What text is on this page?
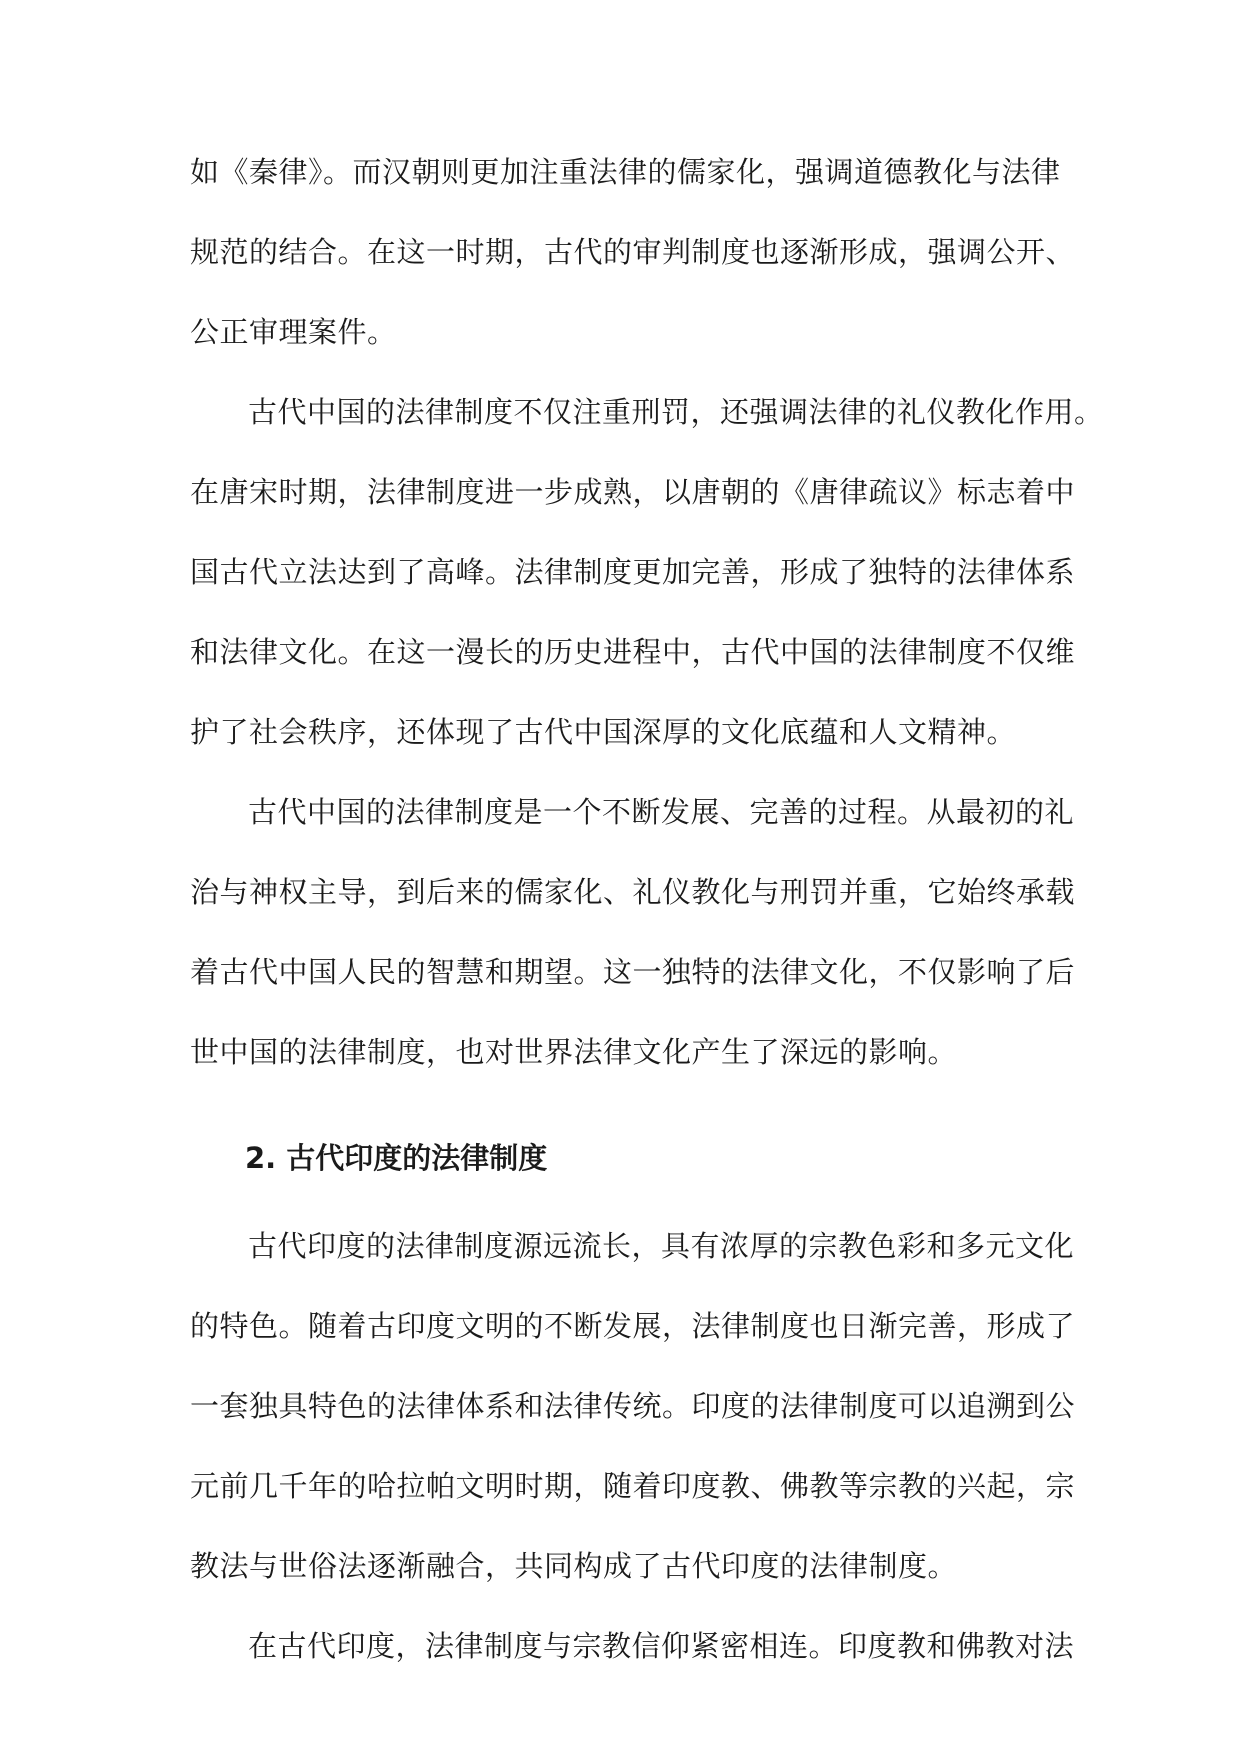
如《秦律》。而汉朝则更加注重法律的儒家化，强调道德教化与法律
规范的结合。在这一时期，古代的审判制度也逐渐形成，强调公开、
公正审理案件。
古代中国的法律制度不仅注重刑罚，还强调法律的礼仪教化作用。
在唐宋时期，法律制度进一步成熟，以唐朝的《唐律疏议》标志着中
国古代立法达到了高峰。法律制度更加完善，形成了独特的法律体系
和法律文化。在这一漫长的历史进程中，古代中国的法律制度不仅维
护了社会秩序，还体现了古代中国深厚的文化底蕴和人文精神。
古代中国的法律制度是一个不断发展、完善的过程。从最初的礼
治与神权主导，到后来的儒家化、礼仪教化与刑罚并重，它始终承载
着古代中国人民的智慧和期望。这一独特的法律文化，不仅影响了后
世中国的法律制度，也对世界法律文化产生了深远的影响。
2. 古代印度的法律制度
古代印度的法律制度源远流长，具有浓厚的宗教色彩和多元文化
的特色。随着古印度文明的不断发展，法律制度也日渐完善，形成了
一套独具特色的法律体系和法律传统。印度的法律制度可以追溯到公
元前几千年的哈拉帕文明时期，随着印度教、佛教等宗教的兴起，宗
教法与世俗法逐渐融合，共同构成了古代印度的法律制度。
在古代印度，法律制度与宗教信仰紧密相连。印度教和佛教对法
